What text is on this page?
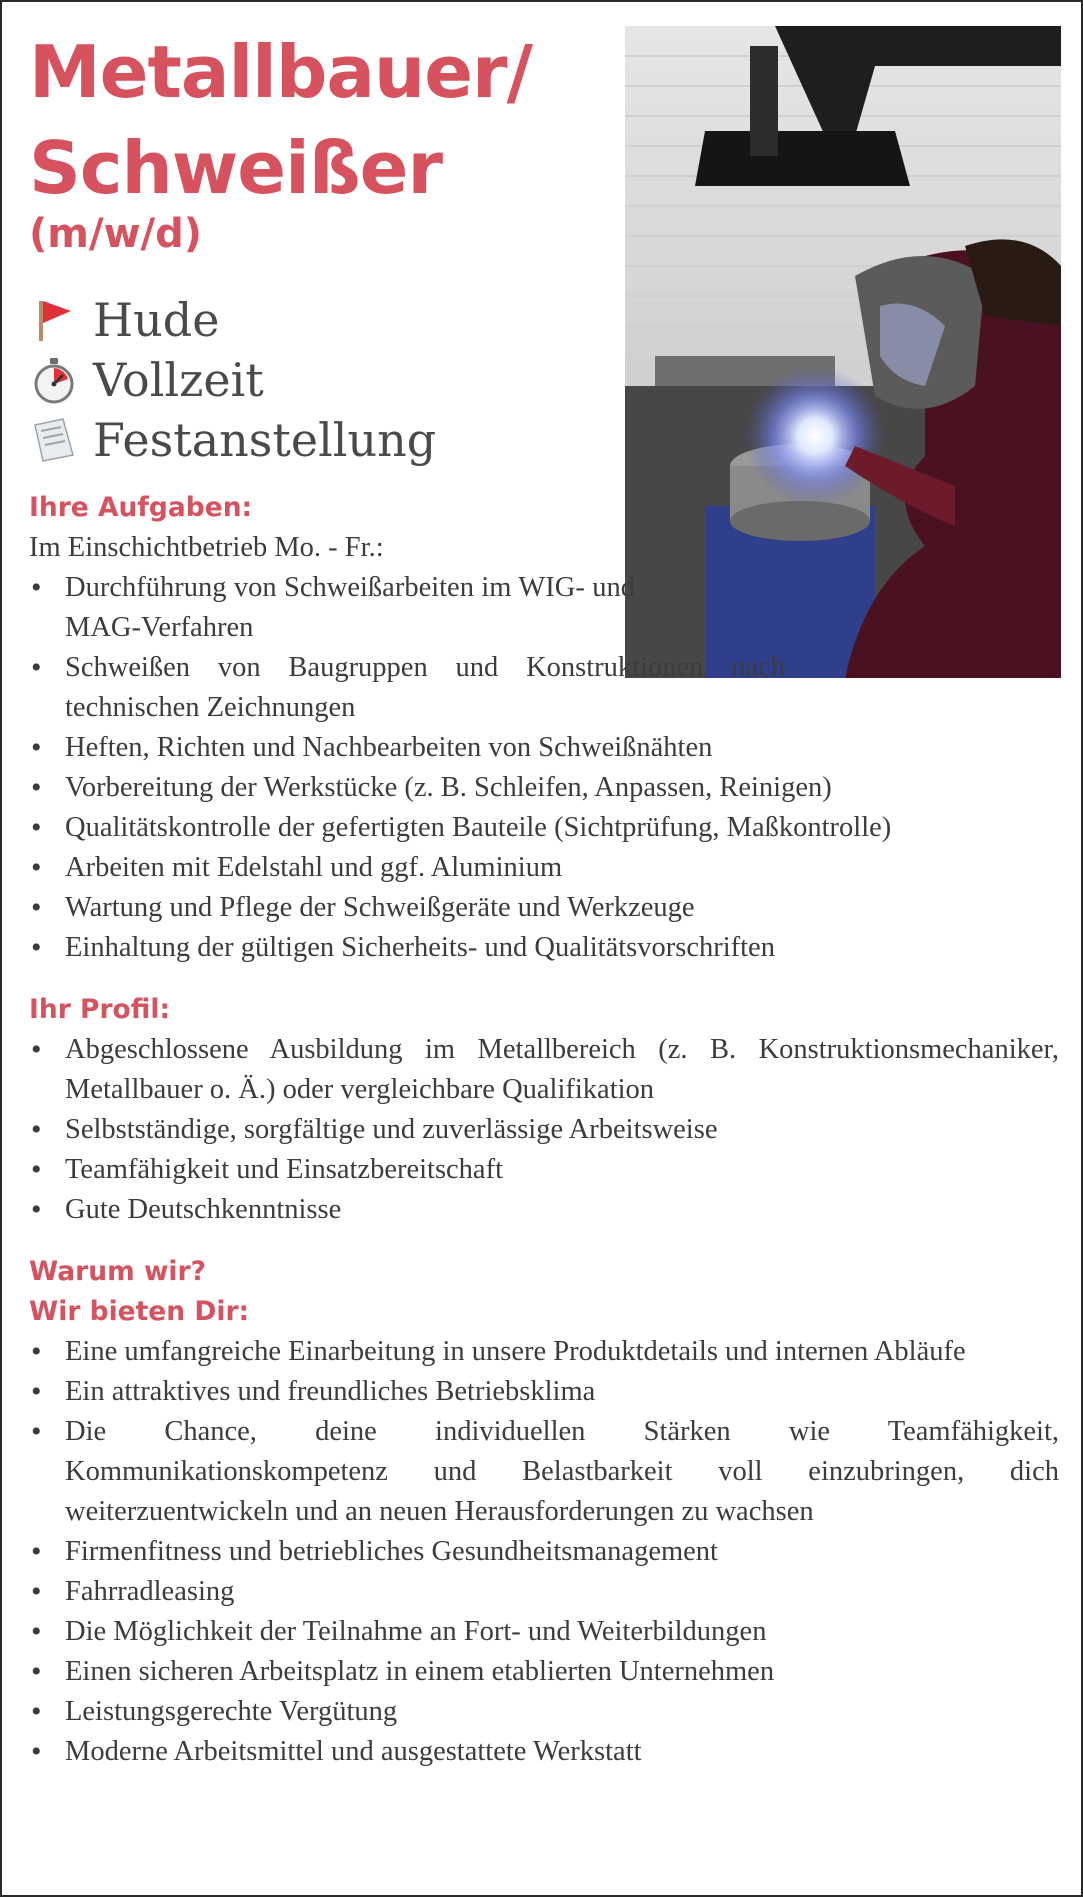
Metallbauer/
Schweißer
(m/w/d)
Hude
Vollzeit
Festanstellung
Ihre Aufgaben:

Im Einschichtbetrieb Mo. - Fr.:

• Durchführung von Schweißarbeiten im WIG- und MAG-Verfahren
• Schweißen von Baugruppen und Konstruktionen nach technischen Zeichnungen
• Heften, Richten und Nachbearbeiten von Schweißnähten
• Vorbereitung der Werkstücke (z. B. Schleifen, Anpassen, Reinigen)
• Qualitätskontrolle der gefertigten Bauteile (Sichtprüfung, Maßkontrolle)
• Arbeiten mit Edelstahl und ggf. Aluminium
• Wartung und Pflege der Schweißgeräte und Werkzeuge
• Einhaltung der gültigen Sicherheits- und Qualitätsvorschriften
Ihr Profil:
• Abgeschlossene Ausbildung im Metallbereich (z. B. Konstruktionsmechaniker, Metallbauer o. Ä.) oder vergleichbare Qualifikation
• Selbstständige, sorgfältige und zuverlässige Arbeitsweise
• Teamfähigkeit und Einsatzbereitschaft
• Gute Deutschkenntnisse
Warum wir?
Wir bieten Dir:
• Eine umfangreiche Einarbeitung in unsere Produktdetails und internen Abläufe
• Ein attraktives und freundliches Betriebsklima
• Die Chance, deine individuellen Stärken wie Teamfähigkeit, Kommunikationskompetenz und Belastbarkeit voll einzubringen, dich weiterzuentwickeln und an neuen Herausforderungen zu wachsen
• Firmenfitness und betriebliches Gesundheitsmanagement
• Fahrradleasing
• Die Möglichkeit der Teilnahme an Fort- und Weiterbildungen
• Einen sicheren Arbeitsplatz in einem etablierten Unternehmen
• Leistungsgerechte Vergütung
• Moderne Arbeitsmittel und ausgestattete Werkstatt
